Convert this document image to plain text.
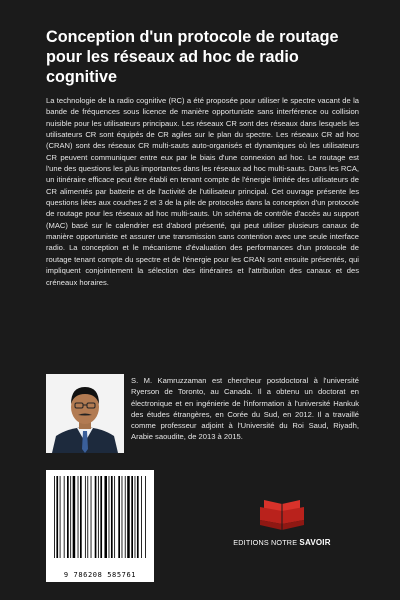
Conception d'un protocole de routage pour les réseaux ad hoc de radio cognitive

La technologie de la radio cognitive (RC) a été proposée pour utiliser le spectre vacant de la bande de fréquences sous licence de manière opportuniste sans interférence ou collision nuisible pour les utilisateurs principaux. Les réseaux CR sont des réseaux dans lesquels les utilisateurs CR sont équipés de CR agiles sur le plan du spectre. Les réseaux CR ad hoc (CRAN) sont des réseaux CR multi-sauts auto-organisés et dynamiques où les utilisateurs CR peuvent communiquer entre eux par le biais d'une connexion ad hoc. Le routage est l'une des questions les plus importantes dans les réseaux ad hoc multi-sauts. Dans les RCA, un itinéraire efficace peut être établi en tenant compte de l'énergie limitée des utilisateurs de CR alimentés par batterie et de l'activité de l'utilisateur principal. Cet ouvrage présente les questions liées aux couches 2 et 3 de la pile de protocoles dans la conception d'un protocole de routage pour les réseaux ad hoc multi-sauts. Un schéma de contrôle d'accès au support (MAC) basé sur le calendrier est d'abord présenté, qui peut utiliser plusieurs canaux de manière opportuniste et assurer une transmission sans contention avec une seule interface radio. La conception et le mécanisme d'évaluation des performances d'un protocole de routage tenant compte du spectre et de l'énergie pour les CRAN sont ensuite présentés, qui impliquent conjointement la sélection des itinéraires et l'attribution des canaux et des créneaux horaires.

S. M. Kamruzzaman est chercheur postdoctoral à l'université Ryerson de Toronto, au Canada. Il a obtenu un doctorat en électronique et en ingénierie de l'information à l'université Hankuk des études étrangères, en Corée du Sud, en 2012. Il a travaillé comme professeur adjoint à l'Université du Roi Saud, Riyadh, Arabie saoudite, de 2013 à 2015.

9 786208 585761
EDITIONS NOTRE SAVOIR
